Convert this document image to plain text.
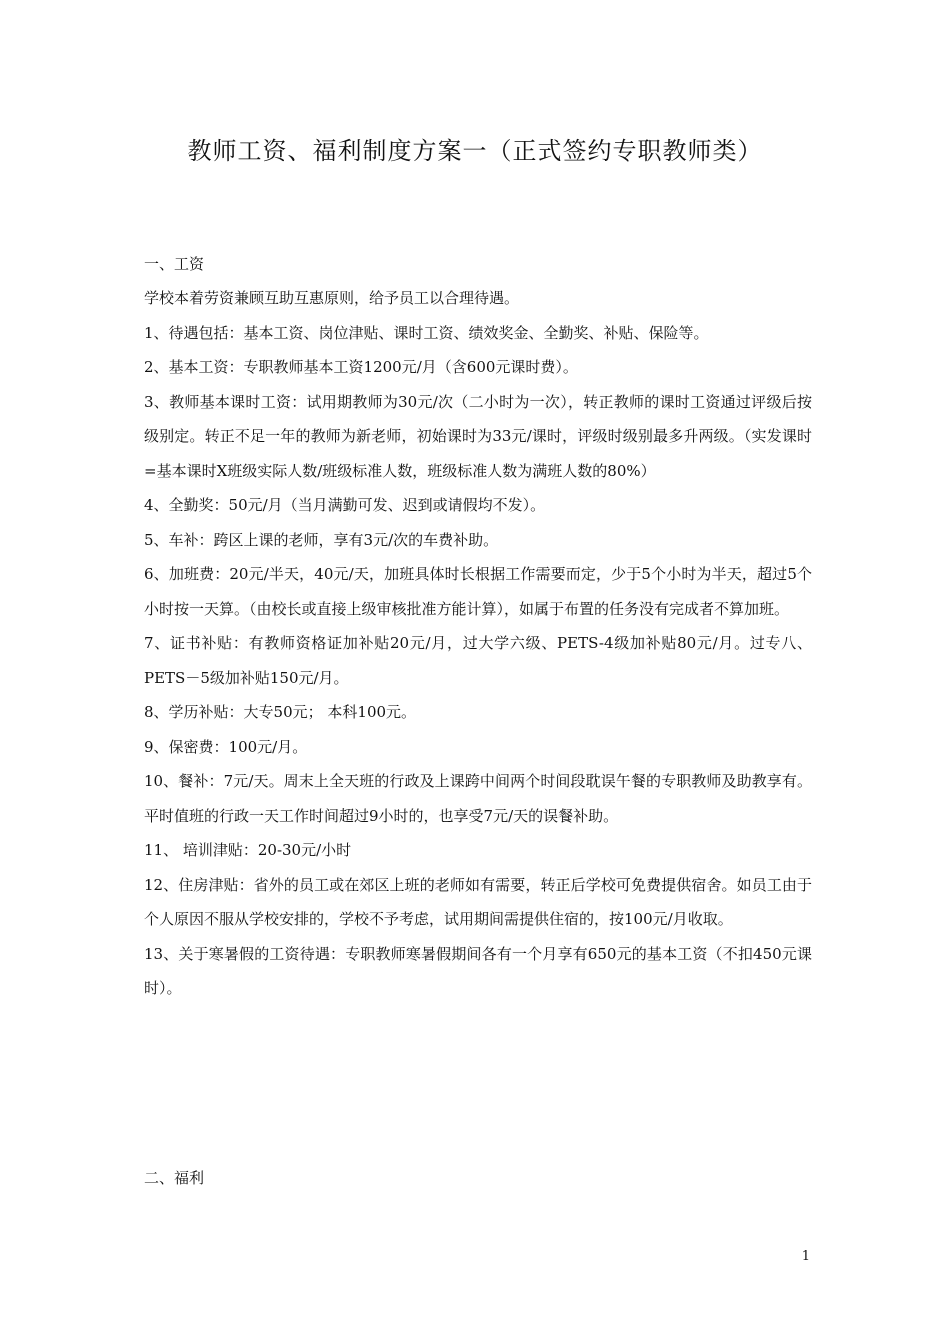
教师工资、福利制度方案一（正式签约专职教师类）
一、工资

学校本着劳资兼顾互助互惠原则，给予员工以合理待遇。

1、待遇包括：基本工资、岗位津贴、课时工资、绩效奖金、全勤奖、补贴、保险等。

2、基本工资：专职教师基本工资1200元/月（含600元课时费）。

3、教师基本课时工资：试用期教师为30元/次（二小时为一次），转正教师的课时工资通过评级后按级别定。转正不足一年的教师为新老师，初始课时为33元/课时，评级时级别最多升两级。（实发课时=基本课时X班级实际人数/班级标准人数，班级标准人数为满班人数的80%）

4、全勤奖：50元/月（当月满勤可发、迟到或请假均不发）。

5、车补：跨区上课的老师，享有3元/次的车费补助。

6、加班费：20元/半天，40元/天，加班具体时长根据工作需要而定，少于5个小时为半天，超过5个小时按一天算。（由校长或直接上级审核批准方能计算），如属于布置的任务没有完成者不算加班。

7、证书补贴：有教师资格证加补贴20元/月，过大学六级、PETS-4级加补贴80元/月。过专八、PETS－5级加补贴150元/月。

8、学历补贴：大专50元； 本科100元。

9、保密费：100元/月。

10、餐补：7元/天。周末上全天班的行政及上课跨中间两个时间段耽误午餐的专职教师及助教享有。平时值班的行政一天工作时间超过9小时的，也享受7元/天的误餐补助。

11、 培训津贴：20-30元/小时

12、住房津贴：省外的员工或在郊区上班的老师如有需要，转正后学校可免费提供宿舍。如员工由于个人原因不服从学校安排的，学校不予考虑，试用期间需提供住宿的，按100元/月收取。

13、关于寒暑假的工资待遇：专职教师寒暑假期间各有一个月享有650元的基本工资（不扣450元课时）。

二、福利
1
